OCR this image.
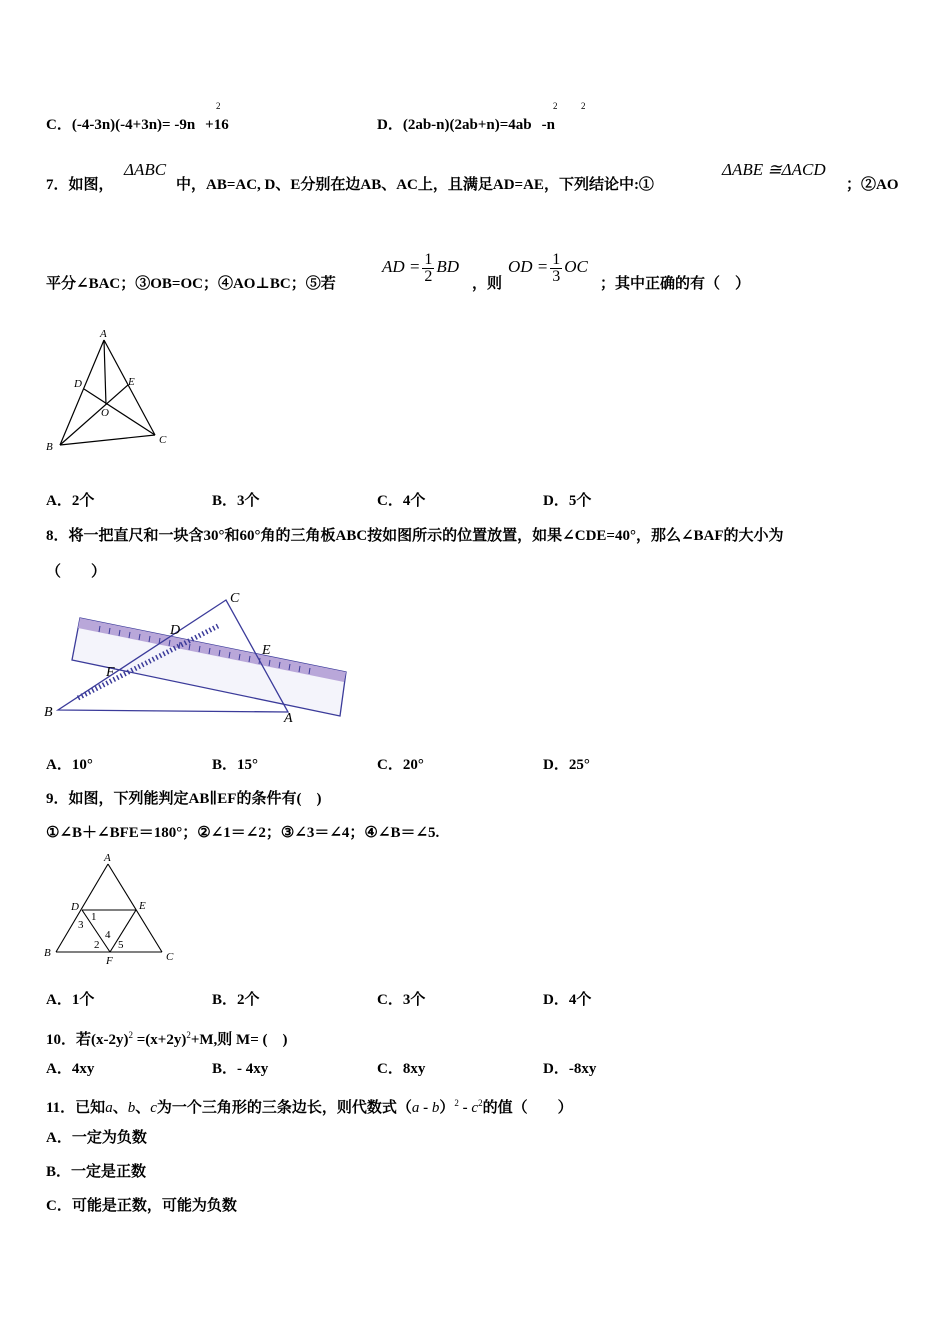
C．(-4-3n)(-4+3n)= -9n +16
2
D．(2ab-n)(2ab+n)=4ab -n
2	2
7．如图，
ΔABC
中，AB=AC, D、E分别在边AB、AC上，且满足AD=AE，下列结论中:①
ΔABE ≅ΔACD
；②AO
平分∠BAC；③OB=OC；④AO⊥BC；⑤若
AD = $\frac{1}{2}$ BD
，则
OD = $\frac{1}{3}$ OC
；其中正确的有（　）
A
D	E
O
B
C
A．2个	B．3个	C．4个	D．5个
8．将一把直尺和一块含30°和60°角的三角板ABC按如图所示的位置放置，如果∠CDE=40°，那么∠BAF的大小为
（　　）
C
D
E
F
B	A
A．10°	B．15°	C．20°	D．25°
9．如图，下列能判定AB∥EF的条件有(　)
①∠B＋∠BFE＝180°；②∠1＝∠2；③∠3＝∠4；④∠B＝∠5.
A
D	E
1
3
4
2 5
B
F	C
A．1个	B．2个	C．3个	D．4个
10．若$(x-2y)^2 =(x+2y)^2+M$,则 M= (　)
A．4xy	B．- 4xy	C．8xy	D．-8xy
11．已知a、b、c为一个三角形的三条边长，则代数式$(a - b)^2 - c^2$的值（　　）
A．一定为负数
B．一定是正数
C．可能是正数，可能为负数
